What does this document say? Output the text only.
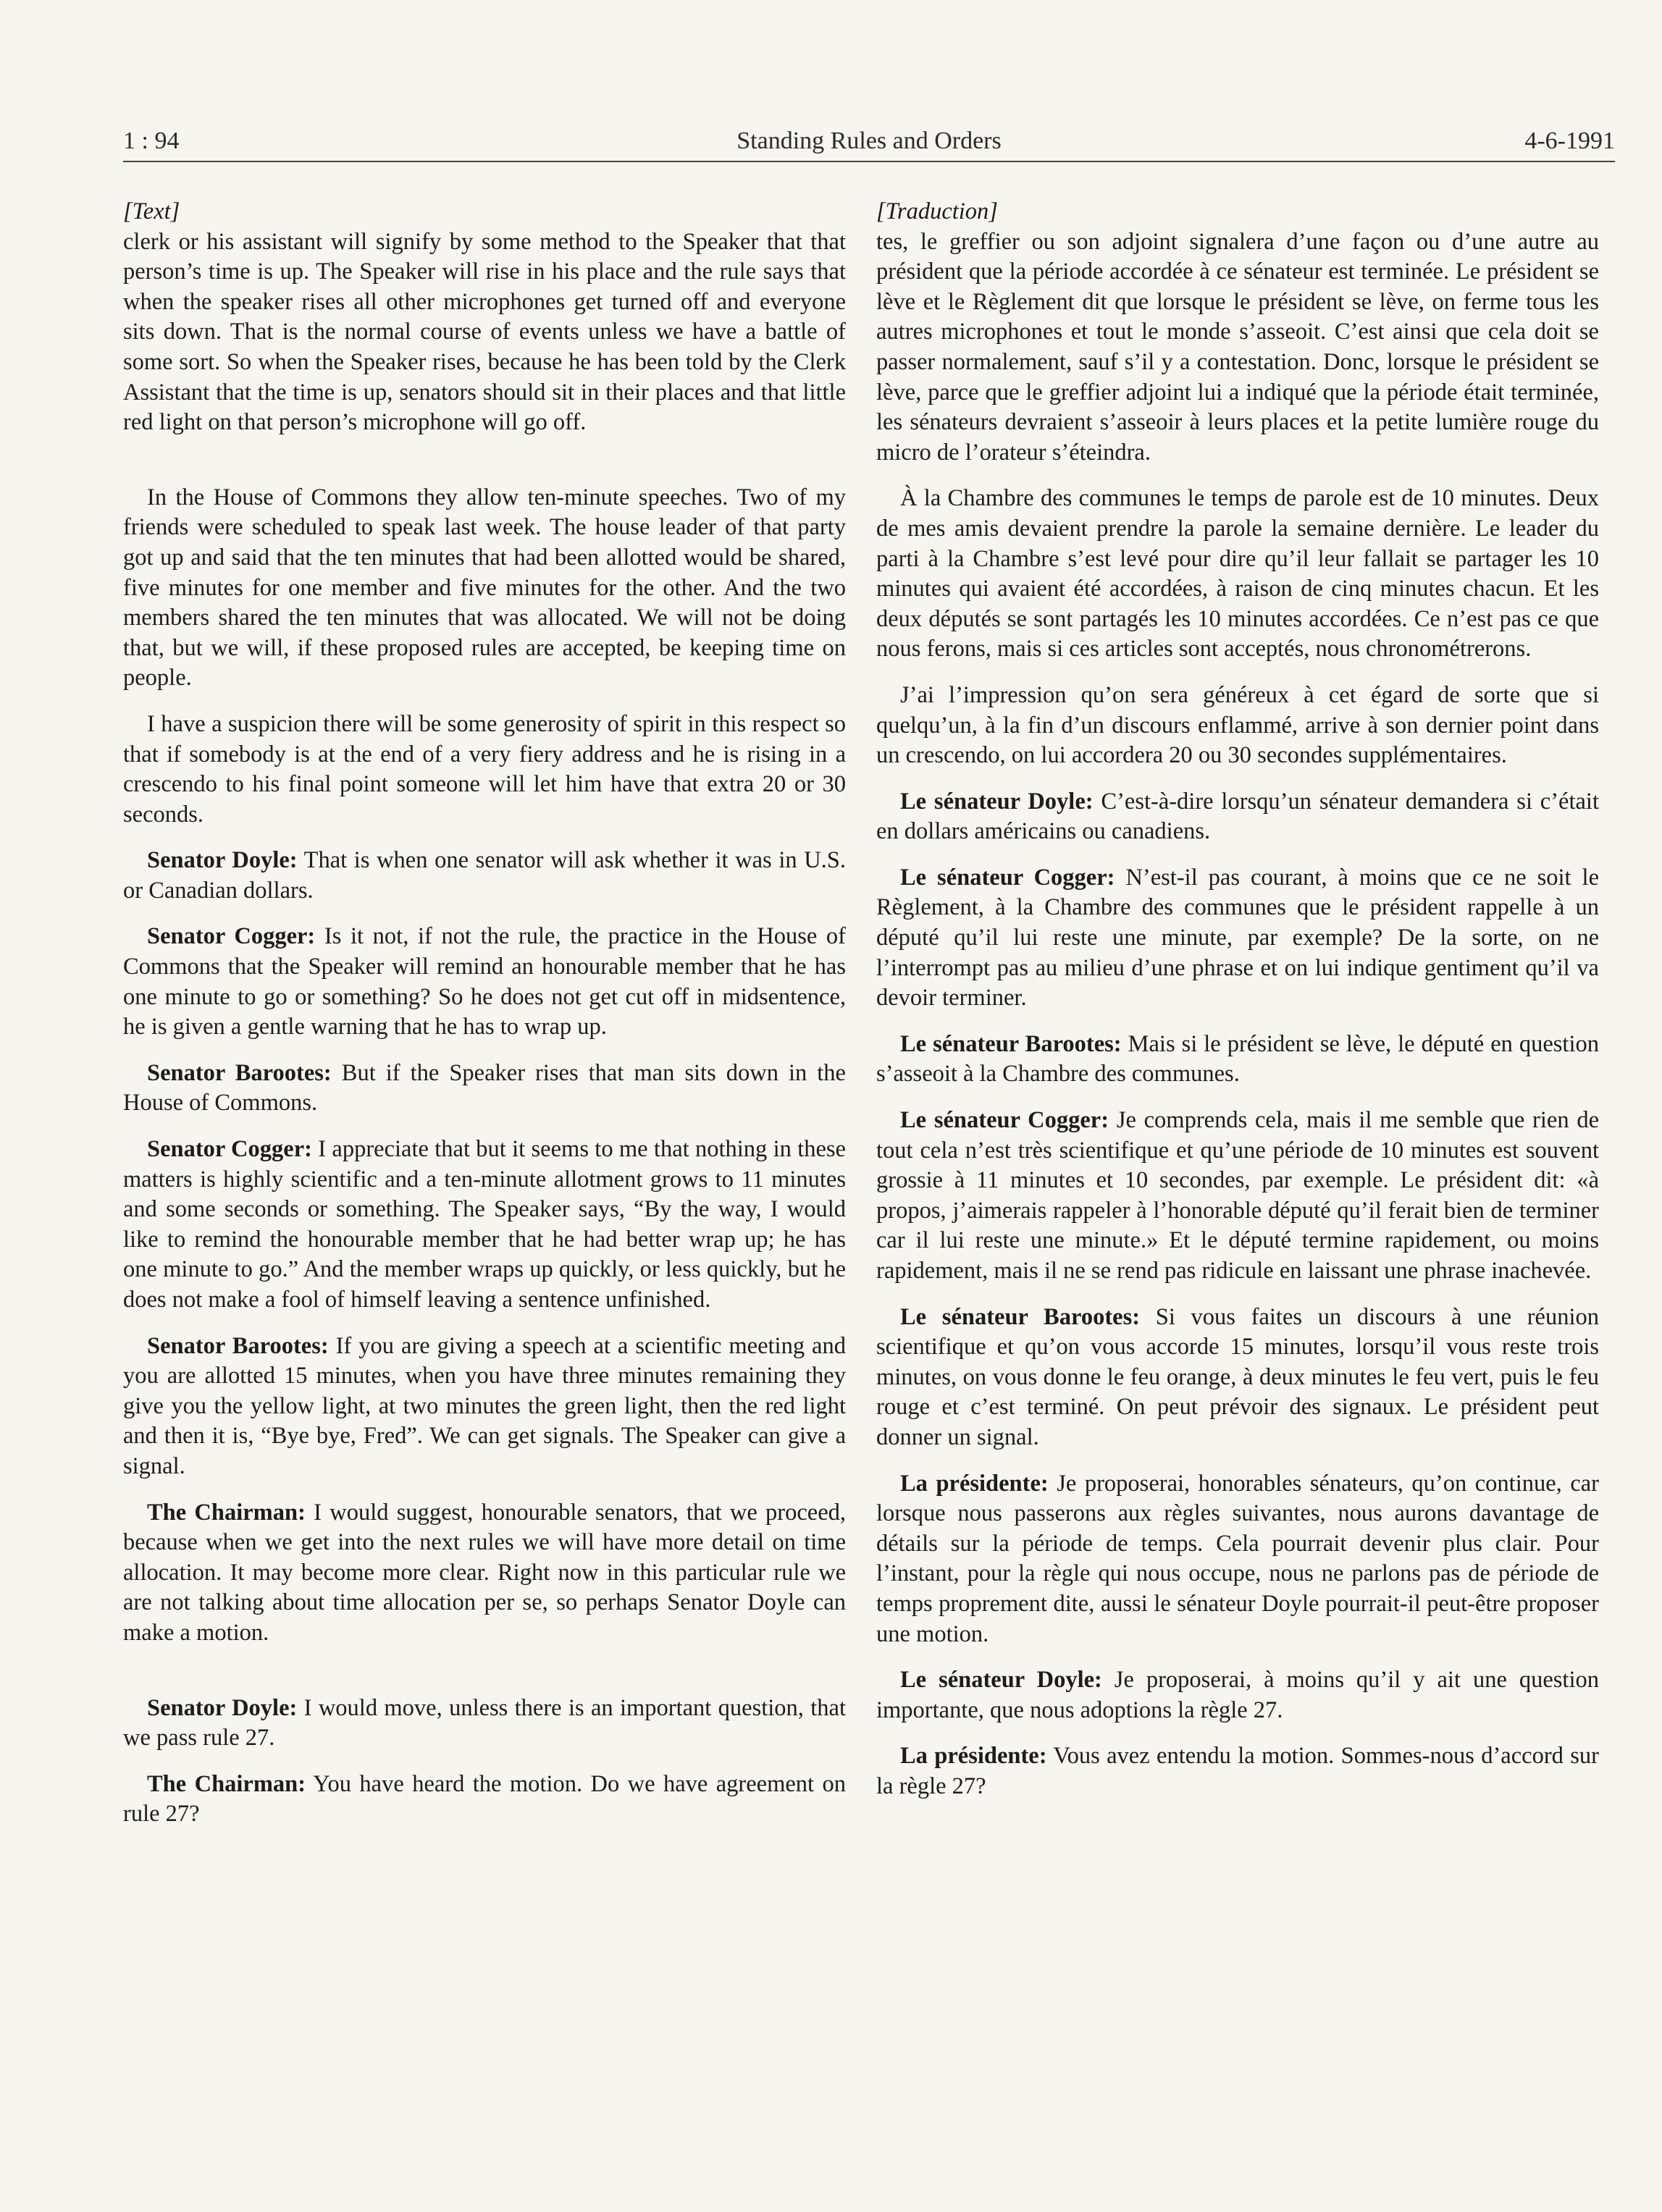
1 : 94	Standing Rules and Orders	4-6-1991

[Text]

clerk or his assistant will signify by some method to the Speaker that that person’s time is up. The Speaker will rise in his place and the rule says that when the speaker rises all other microphones get turned off and everyone sits down. That is the normal course of events unless we have a battle of some sort. So when the Speaker rises, because he has been told by the Clerk Assistant that the time is up, senators should sit in their places and that little red light on that person’s microphone will go off.

In the House of Commons they allow ten-minute speeches. Two of my friends were scheduled to speak last week. The house leader of that party got up and said that the ten minutes that had been allotted would be shared, five minutes for one member and five minutes for the other. And the two members shared the ten minutes that was allocated. We will not be doing that, but we will, if these proposed rules are accepted, be keeping time on people.

I have a suspicion there will be some generosity of spirit in this respect so that if somebody is at the end of a very fiery address and he is rising in a crescendo to his final point someone will let him have that extra 20 or 30 seconds.

Senator Doyle: That is when one senator will ask whether it was in U.S. or Canadian dollars.

Senator Cogger: Is it not, if not the rule, the practice in the House of Commons that the Speaker will remind an honourable member that he has one minute to go or something? So he does not get cut off in midsentence, he is given a gentle warning that he has to wrap up.

Senator Barootes: But if the Speaker rises that man sits down in the House of Commons.

Senator Cogger: I appreciate that but it seems to me that nothing in these matters is highly scientific and a ten-minute allotment grows to 11 minutes and some seconds or something. The Speaker says, “By the way, I would like to remind the honourable member that he had better wrap up; he has one minute to go.” And the member wraps up quickly, or less quickly, but he does not make a fool of himself leaving a sentence unfinished.

Senator Barootes: If you are giving a speech at a scientific meeting and you are allotted 15 minutes, when you have three minutes remaining they give you the yellow light, at two minutes the green light, then the red light and then it is, “Bye bye, Fred”. We can get signals. The Speaker can give a signal.

The Chairman: I would suggest, honourable senators, that we proceed, because when we get into the next rules we will have more detail on time allocation. It may become more clear. Right now in this particular rule we are not talking about time allocation per se, so perhaps Senator Doyle can make a motion.

Senator Doyle: I would move, unless there is an important question, that we pass rule 27.

The Chairman: You have heard the motion. Do we have agreement on rule 27?

[Traduction]

tes, le greffier ou son adjoint signalera d’une façon ou d’une autre au président que la période accordée à ce sénateur est terminée. Le président se lève et le Règlement dit que lorsque le président se lève, on ferme tous les autres microphones et tout le monde s’asseoit. C’est ainsi que cela doit se passer normalement, sauf s’il y a contestation. Donc, lorsque le président se lève, parce que le greffier adjoint lui a indiqué que la période était terminée, les sénateurs devraient s’asseoir à leurs places et la petite lumière rouge du micro de l’orateur s’éteindra.

À la Chambre des communes le temps de parole est de 10 minutes. Deux de mes amis devaient prendre la parole la semaine dernière. Le leader du parti à la Chambre s’est levé pour dire qu’il leur fallait se partager les 10 minutes qui avaient été accordées, à raison de cinq minutes chacun. Et les deux députés se sont partagés les 10 minutes accordées. Ce n’est pas ce que nous ferons, mais si ces articles sont acceptés, nous chronométrerons.

J’ai l’impression qu’on sera généreux à cet égard de sorte que si quelqu’un, à la fin d’un discours enflammé, arrive à son dernier point dans un crescendo, on lui accordera 20 ou 30 secondes supplémentaires.

Le sénateur Doyle: C’est-à-dire lorsqu’un sénateur demandera si c’était en dollars américains ou canadiens.

Le sénateur Cogger: N’est-il pas courant, à moins que ce ne soit le Règlement, à la Chambre des communes que le président rappelle à un député qu’il lui reste une minute, par exemple? De la sorte, on ne l’interrompt pas au milieu d’une phrase et on lui indique gentiment qu’il va devoir terminer.

Le sénateur Barootes: Mais si le président se lève, le député en question s’asseoit à la Chambre des communes.

Le sénateur Cogger: Je comprends cela, mais il me semble que rien de tout cela n’est très scientifique et qu’une période de 10 minutes est souvent grossie à 11 minutes et 10 secondes, par exemple. Le président dit: «à propos, j’aimerais rappeler à l’honorable député qu’il ferait bien de terminer car il lui reste une minute.» Et le député termine rapidement, ou moins rapidement, mais il ne se rend pas ridicule en laissant une phrase inachevée.

Le sénateur Barootes: Si vous faites un discours à une réunion scientifique et qu’on vous accorde 15 minutes, lorsqu’il vous reste trois minutes, on vous donne le feu orange, à deux minutes le feu vert, puis le feu rouge et c’est terminé. On peut prévoir des signaux. Le président peut donner un signal.

La présidente: Je proposerai, honorables sénateurs, qu’on continue, car lorsque nous passerons aux règles suivantes, nous aurons davantage de détails sur la période de temps. Cela pourrait devenir plus clair. Pour l’instant, pour la règle qui nous occupe, nous ne parlons pas de période de temps proprement dite, aussi le sénateur Doyle pourrait-il peut-être proposer une motion.

Le sénateur Doyle: Je proposerai, à moins qu’il y ait une question importante, que nous adoptions la règle 27.

La présidente: Vous avez entendu la motion. Sommes-nous d’accord sur la règle 27?
